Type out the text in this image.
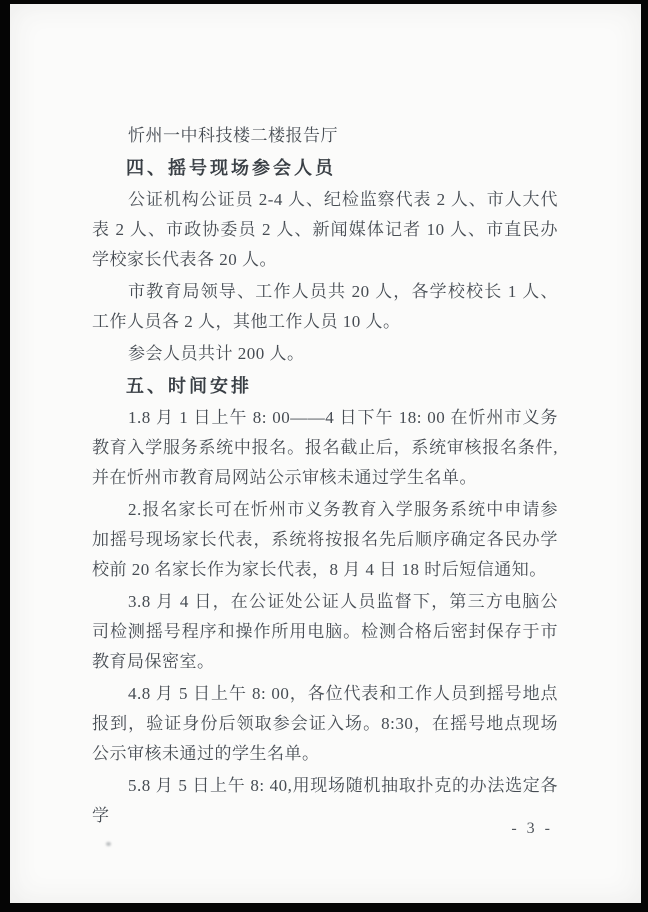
忻州一中科技楼二楼报告厅

四、摇号现场参会人员

公证机构公证员 2-4 人、纪检监察代表 2 人、市人大代表 2 人、市政协委员 2 人、新闻媒体记者 10 人、市直民办学校家长代表各 20 人。

市教育局领导、工作人员共 20 人，各学校校长 1 人、工作人员各 2 人，其他工作人员 10 人。

参会人员共计 200 人。

五、时间安排

1.8 月 1 日上午 8: 00——4 日下午 18: 00 在忻州市义务教育入学服务系统中报名。报名截止后，系统审核报名条件,并在忻州市教育局网站公示审核未通过学生名单。

2.报名家长可在忻州市义务教育入学服务系统中申请参加摇号现场家长代表，系统将按报名先后顺序确定各民办学校前 20 名家长作为家长代表，8 月 4 日 18 时后短信通知。

3.8 月 4 日，在公证处公证人员监督下，第三方电脑公司检测摇号程序和操作所用电脑。检测合格后密封保存于市教育局保密室。

4.8 月 5 日上午 8: 00，各位代表和工作人员到摇号地点报到，验证身份后领取参会证入场。8:30，在摇号地点现场公示审核未通过的学生名单。

5.8 月 5 日上午 8: 40,用现场随机抽取扑克的办法选定各学

- 3 -
